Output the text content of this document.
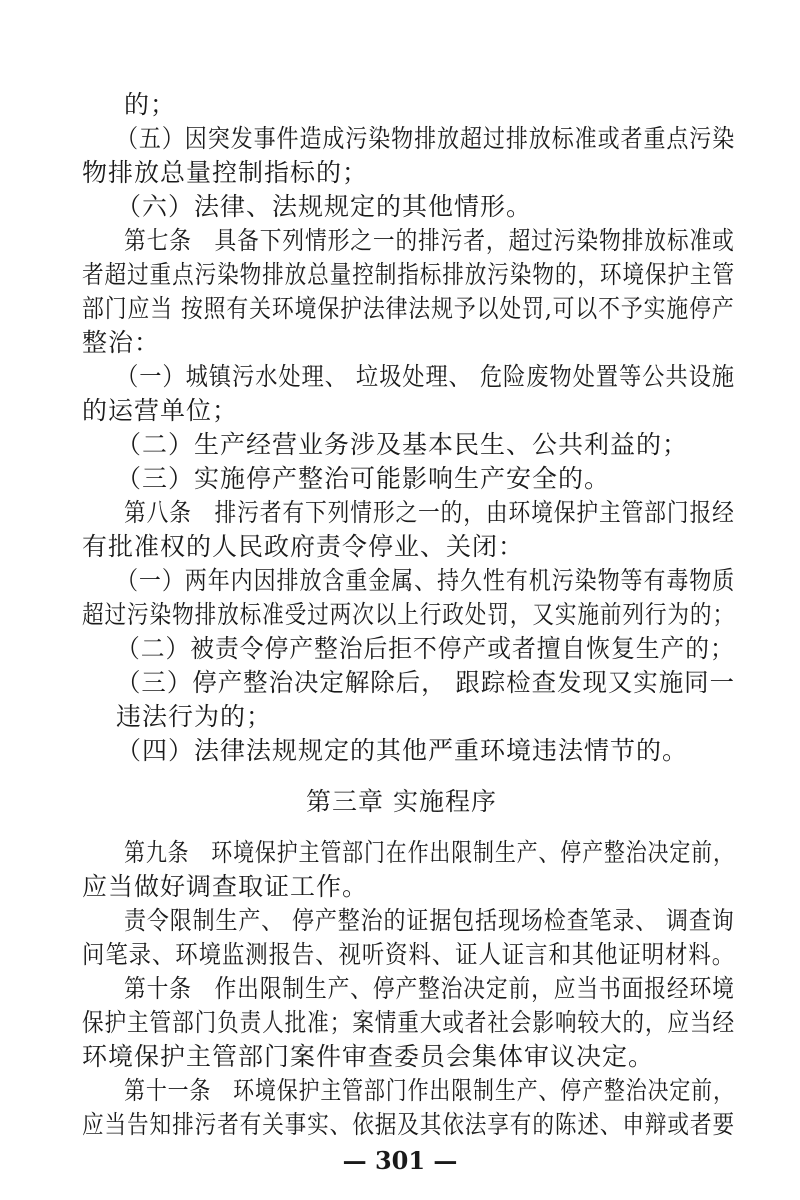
的；
（五）因突发事件造成污染物排放超过排放标准或者重点污染
物排放总量控制指标的；
（六）法律、法规规定的其他情形。
第七条　具备下列情形之一的排污者，超过污染物排放标准或
者超过重点污染物排放总量控制指标排放污染物的，环境保护主管
部门应当 按照有关环境保护法律法规予以处罚,可以不予实施停产
整治：
（一）城镇污水处理、 垃圾处理、 危险废物处置等公共设施
的运营单位；
（二）生产经营业务涉及基本民生、公共利益的；
（三）实施停产整治可能影响生产安全的。
第八条　排污者有下列情形之一的，由环境保护主管部门报经
有批准权的人民政府责令停业、关闭：
（一）两年内因排放含重金属、持久性有机污染物等有毒物质
超过污染物排放标准受过两次以上行政处罚，又实施前列行为的；
（二）被责令停产整治后拒不停产或者擅自恢复生产的；
（三）停产整治决定解除后， 跟踪检查发现又实施同一
违法行为的；
（四）法律法规规定的其他严重环境违法情节的。
第三章 实施程序
第九条　环境保护主管部门在作出限制生产、停产整治决定前，
应当做好调查取证工作。
责令限制生产、 停产整治的证据包括现场检查笔录、 调查询
问笔录、环境监测报告、视听资料、证人证言和其他证明材料。
第十条　作出限制生产、停产整治决定前，应当书面报经环境
保护主管部门负责人批准；案情重大或者社会影响较大的，应当经
环境保护主管部门案件审查委员会集体审议决定。
第十一条　环境保护主管部门作出限制生产、停产整治决定前，
— 301 —
应当告知排污者有关事实、依据及其依法享有的陈述、申辩或者要
